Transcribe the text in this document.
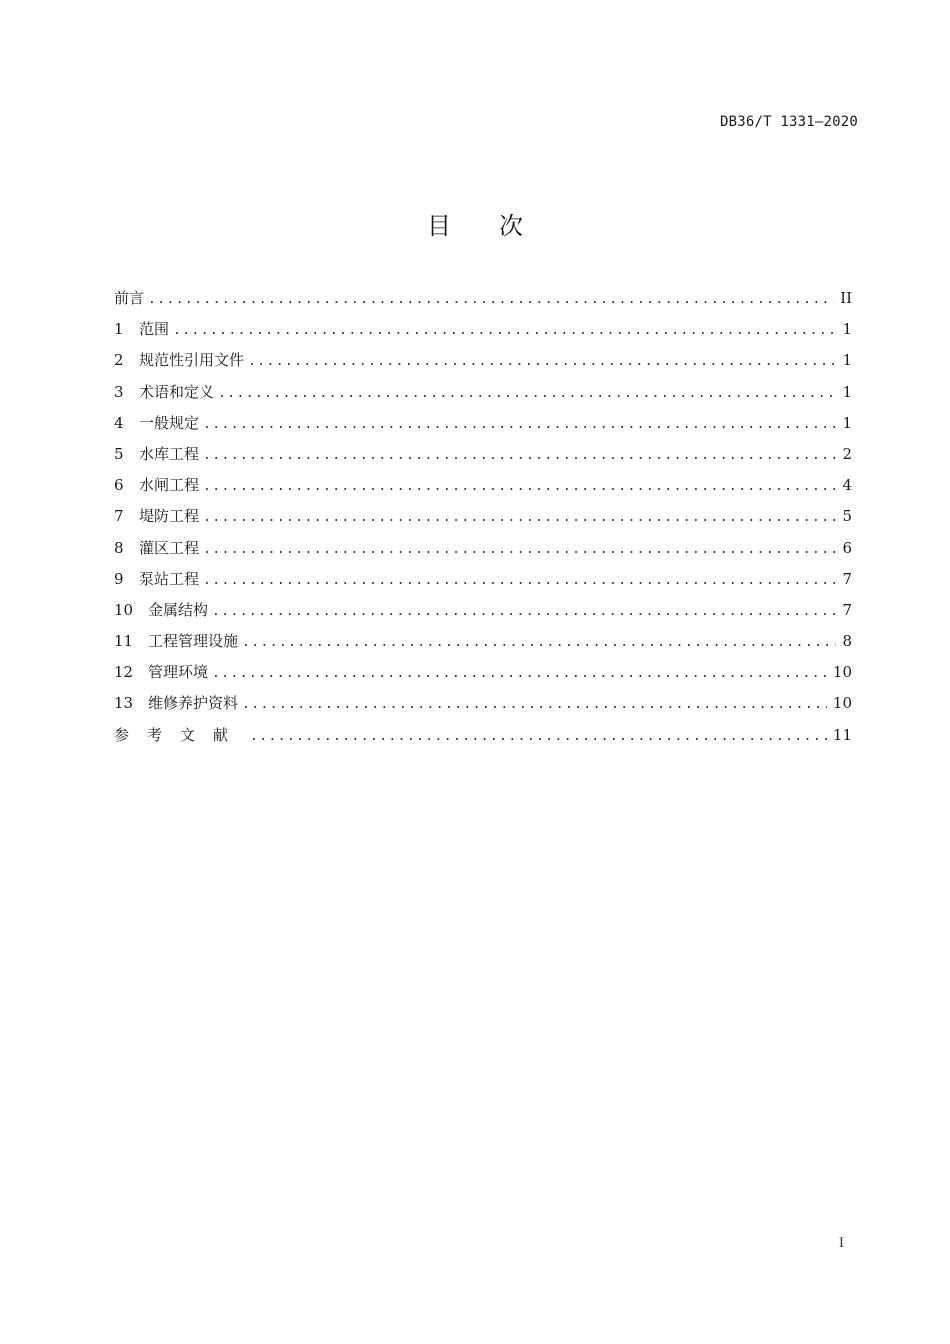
DB36/T 1331—2020
目次
前言 .....	II
1	范围 .....	1
2	规范性引用文件 .....	1
3	术语和定义 .....	1
4	一般规定 .....	1
5	水库工程 .....	2
6	水闸工程 .....	4
7	堤防工程 .....	5
8	灌区工程 .....	6
9	泵站工程 .....	7
10 金属结构 .....	7
11 工程管理设施 .....	8
12 管理环境 .....	10
13 维修养护资料 .....	10
参考文献 .....	11
I
